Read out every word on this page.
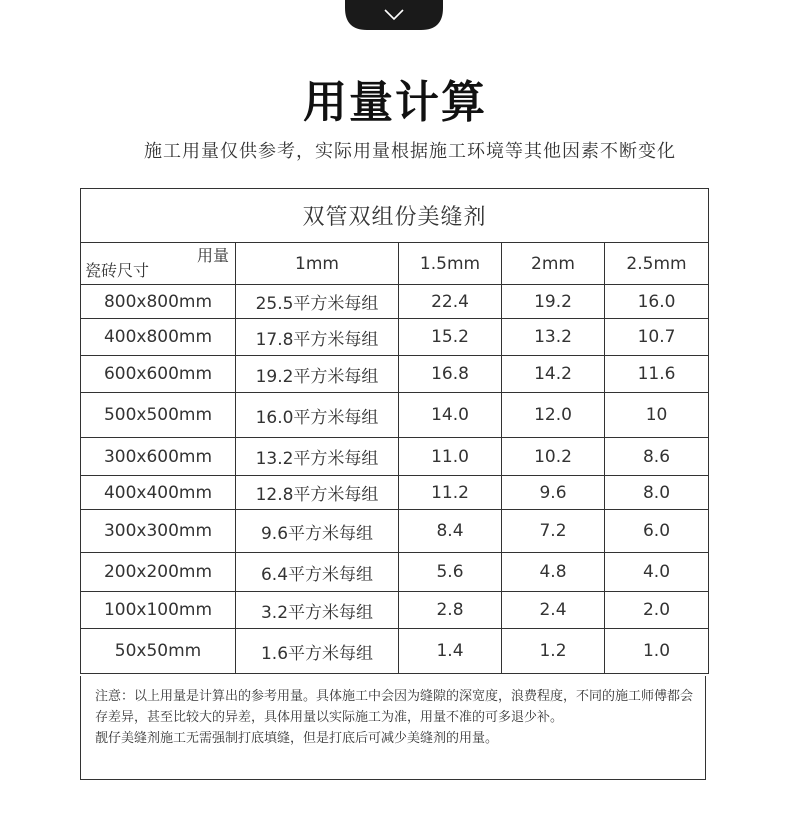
用量计算
施工用量仅供参考，实际用量根据施工环境等其他因素不断变化
双管双组份美缝剂				

用量
瓷砖尺寸	1mm	1.5mm	2mm	2.5mm
800x800mm	25.5平方米每组	22.4	19.2	16.0
400x800mm	17.8平方米每组	15.2	13.2	10.7
600x600mm	19.2平方米每组	16.8	14.2	11.6
500x500mm	16.0平方米每组	14.0	12.0	10
300x600mm	13.2平方米每组	11.0	10.2	8.6
400x400mm	12.8平方米每组	11.2	9.6	8.0
300x300mm	9.6平方米每组	8.4	7.2	6.0
200x200mm	6.4平方米每组	5.6	4.8	4.0
100x100mm	3.2平方米每组	2.8	2.4	2.0
50x50mm	1.6平方米每组	1.4	1.2	1.0

注意：以上用量是计算出的参考用量。具体施工中会因为缝隙的深宽度，浪费程度，不同的施工师傅都会存差异，甚至比较大的异差，具体用量以实际施工为准，用量不准的可多退少补。

靓仔美缝剂施工无需强制打底填缝，但是打底后可减少美缝剂的用量。
